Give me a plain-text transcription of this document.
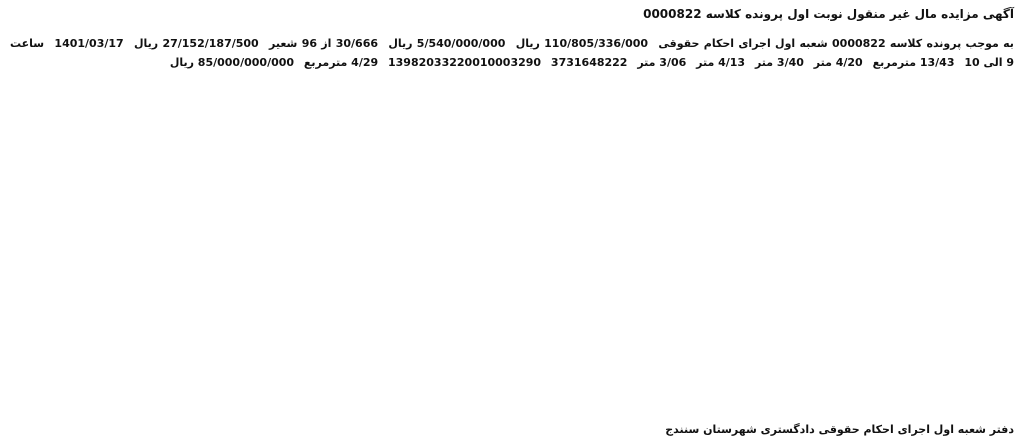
آگهی مزایده مال غیر منقول نوبت اول پرونده کلاسه 0000822
به موجب پرونده کلاسه 0000822 شعبه اول اجرای احکام حقوقی 110/805/336/000 ریال 5/540/000/000 ریال 30/666 از 96 شعیر 27/152/187/500 ریال 1401/03/17 ساعت 9 الی 10 13/43 مترمربع 4/20 متر 3/40 متر 4/13 متر 3/06 متر 3731648222 13982033220010003290 4/29 مترمربع 85/000/000/000 ریال
دفتر شعبه اول اجرای احکام حقوقی دادگستری شهرستان سنندج
